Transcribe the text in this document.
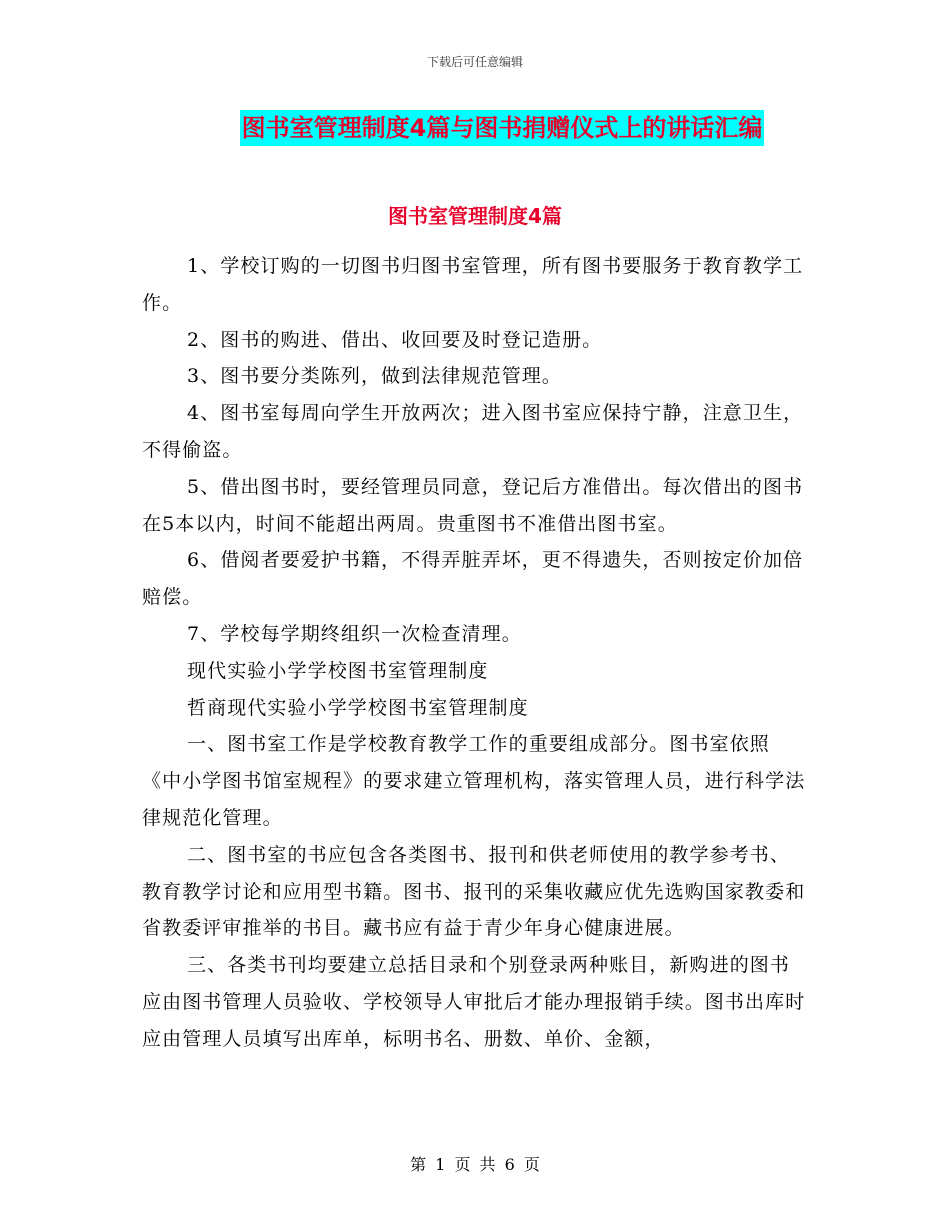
下载后可任意编辑
图书室管理制度4篇与图书捐赠仪式上的讲话汇编
图书室管理制度4篇

1、学校订购的一切图书归图书室管理，所有图书要服务于教育教学工作。

2、图书的购进、借出、收回要及时登记造册。

3、图书要分类陈列，做到法律规范管理。

4、图书室每周向学生开放两次；进入图书室应保持宁静，注意卫生，不得偷盗。

5、借出图书时，要经管理员同意，登记后方准借出。每次借出的图书在5本以内，时间不能超出两周。贵重图书不准借出图书室。

6、借阅者要爱护书籍，不得弄脏弄坏，更不得遗失，否则按定价加倍赔偿。

7、学校每学期终组织一次检查清理。

现代实验小学学校图书室管理制度

哲商现代实验小学学校图书室管理制度

一、图书室工作是学校教育教学工作的重要组成部分。图书室依照《中小学图书馆室规程》的要求建立管理机构，落实管理人员，进行科学法律规范化管理。

二、图书室的书应包含各类图书、报刊和供老师使用的教学参考书、教育教学讨论和应用型书籍。图书、报刊的采集收藏应优先选购国家教委和省教委评审推举的书目。藏书应有益于青少年身心健康进展。

三、各类书刊均要建立总括目录和个别登录两种账目，新购进的图书应由图书管理人员验收、学校领导人审批后才能办理报销手续。图书出库时应由管理人员填写出库单，标明书名、册数、单价、金额，

第 1 页 共 6 页
